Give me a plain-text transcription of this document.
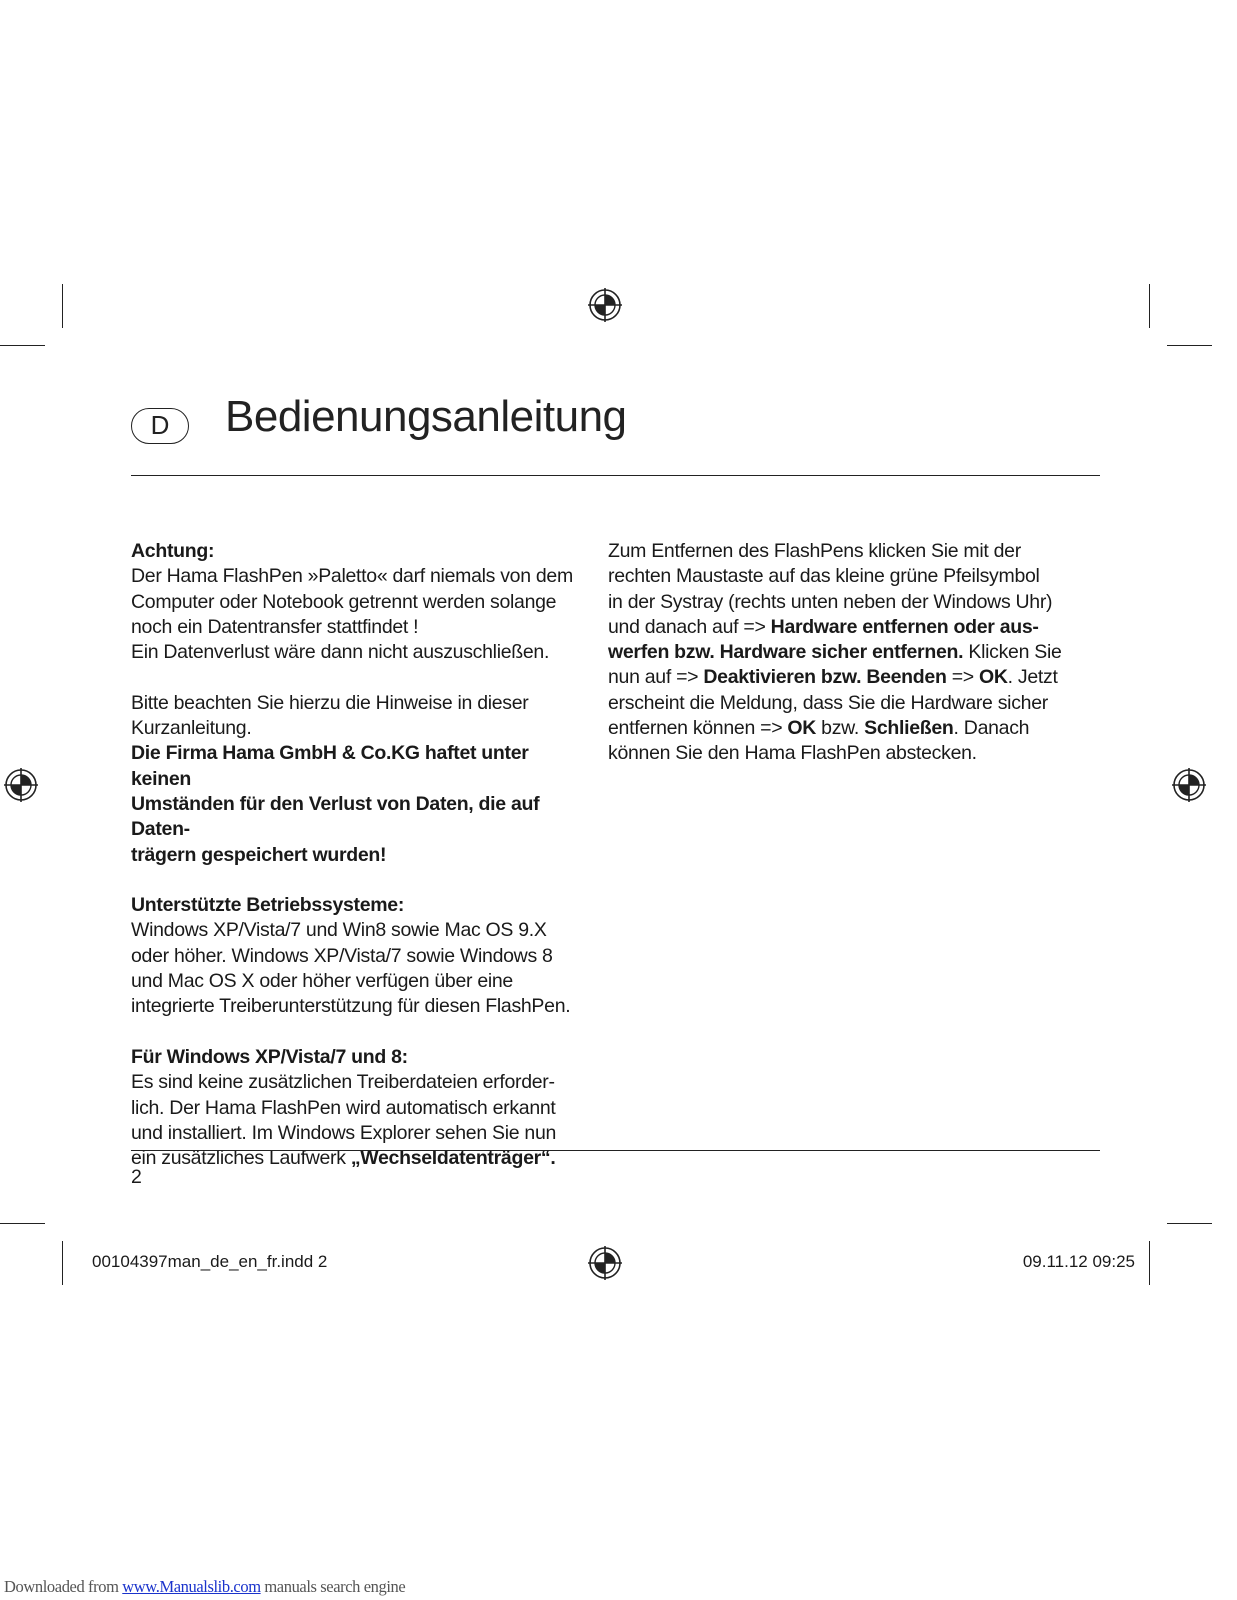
D	Bedienungsanleitung

Achtung:

Der Hama FlashPen »Paletto« darf niemals von dem

Computer oder Notebook getrennt werden solange

noch ein Datentransfer stattfindet !

Ein Datenverlust wäre dann nicht auszuschließen.

Bitte beachten Sie hierzu die Hinweise in dieser

Kurzanleitung.

Die Firma Hama GmbH & Co.KG haftet unter keinen

Umständen für den Verlust von Daten, die auf Daten-

trägern gespeichert wurden!

Unterstützte Betriebssysteme:

Windows XP/Vista/7 und Win8 sowie Mac OS 9.X

oder höher. Windows XP/Vista/7 sowie Windows 8

und Mac OS X oder höher verfügen über eine

integrierte Treiberunterstützung für diesen FlashPen.

Für Windows XP/Vista/7 und 8:

Es sind keine zusätzlichen Treiberdateien erforder-

lich. Der Hama FlashPen wird automatisch erkannt

und installiert. Im Windows Explorer sehen Sie nun

ein zusätzliches Laufwerk „Wechseldatenträger“.

Zum Entfernen des FlashPens klicken Sie mit der

rechten Maustaste auf das kleine grüne Pfeilsymbol

in der Systray (rechts unten neben der Windows Uhr)

und danach auf => Hardware entfernen oder aus-

werfen bzw. Hardware sicher entfernen. Klicken Sie

nun auf => Deaktivieren bzw. Beenden => OK. Jetzt

erscheint die Meldung, dass Sie die Hardware sicher

entfernen können => OK bzw. Schließen. Danach

können Sie den Hama FlashPen abstecken.

2
00104397man_de_en_fr.indd 2	09.11.12 09:25
Downloaded from www.Manualslib.com manuals search engine
